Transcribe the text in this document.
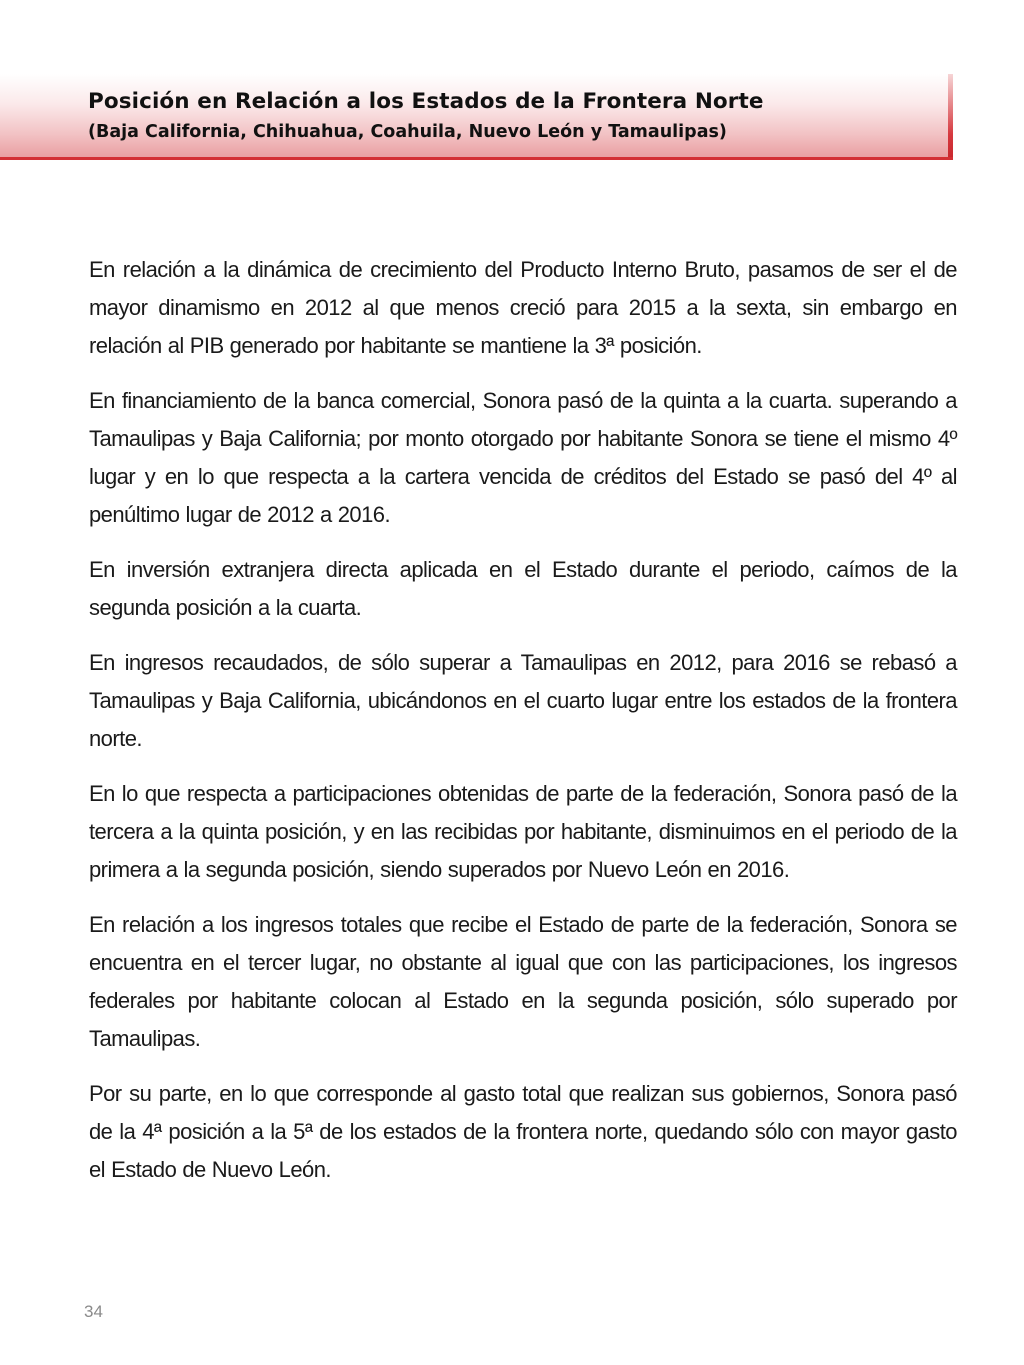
Posición en Relación a los Estados de la Frontera Norte
(Baja California, Chihuahua, Coahuila, Nuevo León y Tamaulipas)

En relación a la dinámica de crecimiento del Producto Interno Bruto, pasamos de ser el de mayor dinamismo en 2012 al que menos creció para 2015 a la sexta, sin embargo en relación al PIB generado por habitante se mantiene la 3ª posición.

En financiamiento de la banca comercial, Sonora pasó de la quinta a la cuarta. superando a Tamaulipas y Baja California; por monto otorgado por habitante Sonora se tiene el mismo 4º lugar y en lo que respecta a la cartera vencida de créditos del Estado se pasó del 4º al penúltimo lugar de 2012 a 2016.

En inversión extranjera directa aplicada en el Estado durante el periodo, caímos de la segunda posición a la cuarta.

En ingresos recaudados, de sólo superar a Tamaulipas en 2012, para 2016 se rebasó a Tamaulipas y Baja California, ubicándonos en el cuarto lugar entre los estados de la frontera norte.

En lo que respecta a participaciones obtenidas de parte de la federación, Sonora pasó de la tercera a la quinta posición, y en las recibidas por habitante, disminuimos en el periodo de la primera a la segunda posición, siendo superados por Nuevo León en 2016.

En relación a los ingresos totales que recibe el Estado de parte de la federación, Sonora se encuentra en el tercer lugar, no obstante al igual que con las participaciones, los ingresos federales por habitante colocan al Estado en la segunda posición, sólo superado por Tamaulipas.

Por su parte, en lo que corresponde al gasto total que realizan sus gobiernos, Sonora pasó de la 4ª posición a la 5ª de los estados de la frontera norte, quedando sólo con mayor gasto el Estado de Nuevo León.

34
